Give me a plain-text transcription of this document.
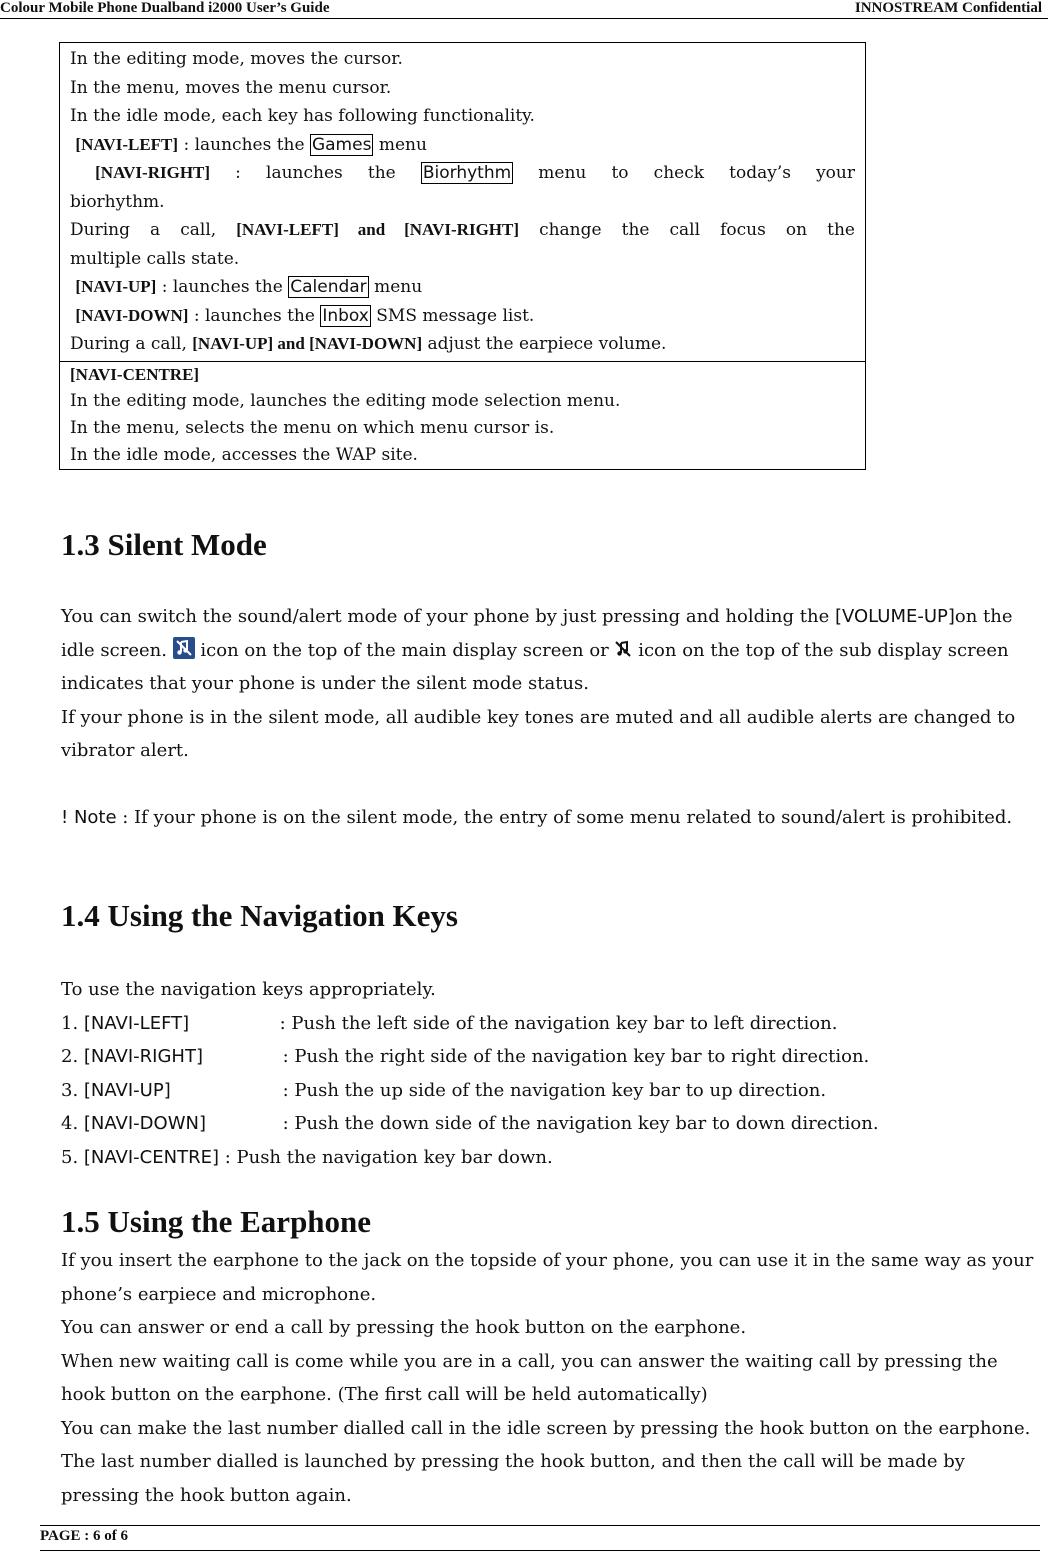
Colour Mobile Phone Dualband i2000 User’s Guide	INNOSTREAM Confidential
In the editing mode, moves the cursor.
In the menu, moves the menu cursor.
In the idle mode, each key has following functionality.
[NAVI-LEFT] : launches the Games menu
[NAVI-RIGHT] : launches the Biorhythm menu to check today’s your
biorhythm.
During a call, [NAVI-LEFT] and [NAVI-RIGHT] change the call focus on the
multiple calls state.
[NAVI-UP] : launches the Calendar menu
[NAVI-DOWN] : launches the Inbox SMS message list.
During a call, [NAVI-UP] and [NAVI-DOWN] adjust the earpiece volume.

[NAVI-CENTRE]
In the editing mode, launches the editing mode selection menu.
In the menu, selects the menu on which menu cursor is.
In the idle mode, accesses the WAP site.
1.3 Silent Mode

You can switch the sound/alert mode of your phone by just pressing and holding the [VOLUME-UP]on the idle screen.
icon on the top of the main display screen or
icon on the top of the sub display screen indicates that your phone is under the silent mode status.

If your phone is in the silent mode, all audible key tones are muted and all audible alerts are changed to vibrator alert.

! Note : If your phone is on the silent mode, the entry of some menu related to sound/alert is prohibited.

1.4 Using the Navigation Keys

To use the navigation keys appropriately.

1. [NAVI-LEFT]	: Push the left side of the navigation key bar to left direction.

2. [NAVI-RIGHT]	: Push the right side of the navigation key bar to right direction.

3. [NAVI-UP]	: Push the up side of the navigation key bar to up direction.

4. [NAVI-DOWN]	: Push the down side of the navigation key bar to down direction.

5. [NAVI-CENTRE] : Push the navigation key bar down.

1.5 Using the Earphone

If you insert the earphone to the jack on the topside of your phone, you can use it in the same way as your phone’s earpiece and microphone.

You can answer or end a call by pressing the hook button on the earphone.

When new waiting call is come while you are in a call, you can answer the waiting call by pressing the hook button on the earphone. (The first call will be held automatically)

You can make the last number dialled call in the idle screen by pressing the hook button on the earphone. The last number dialled is launched by pressing the hook button, and then the call will be made by pressing the hook button again.

PAGE : 6 of 6
